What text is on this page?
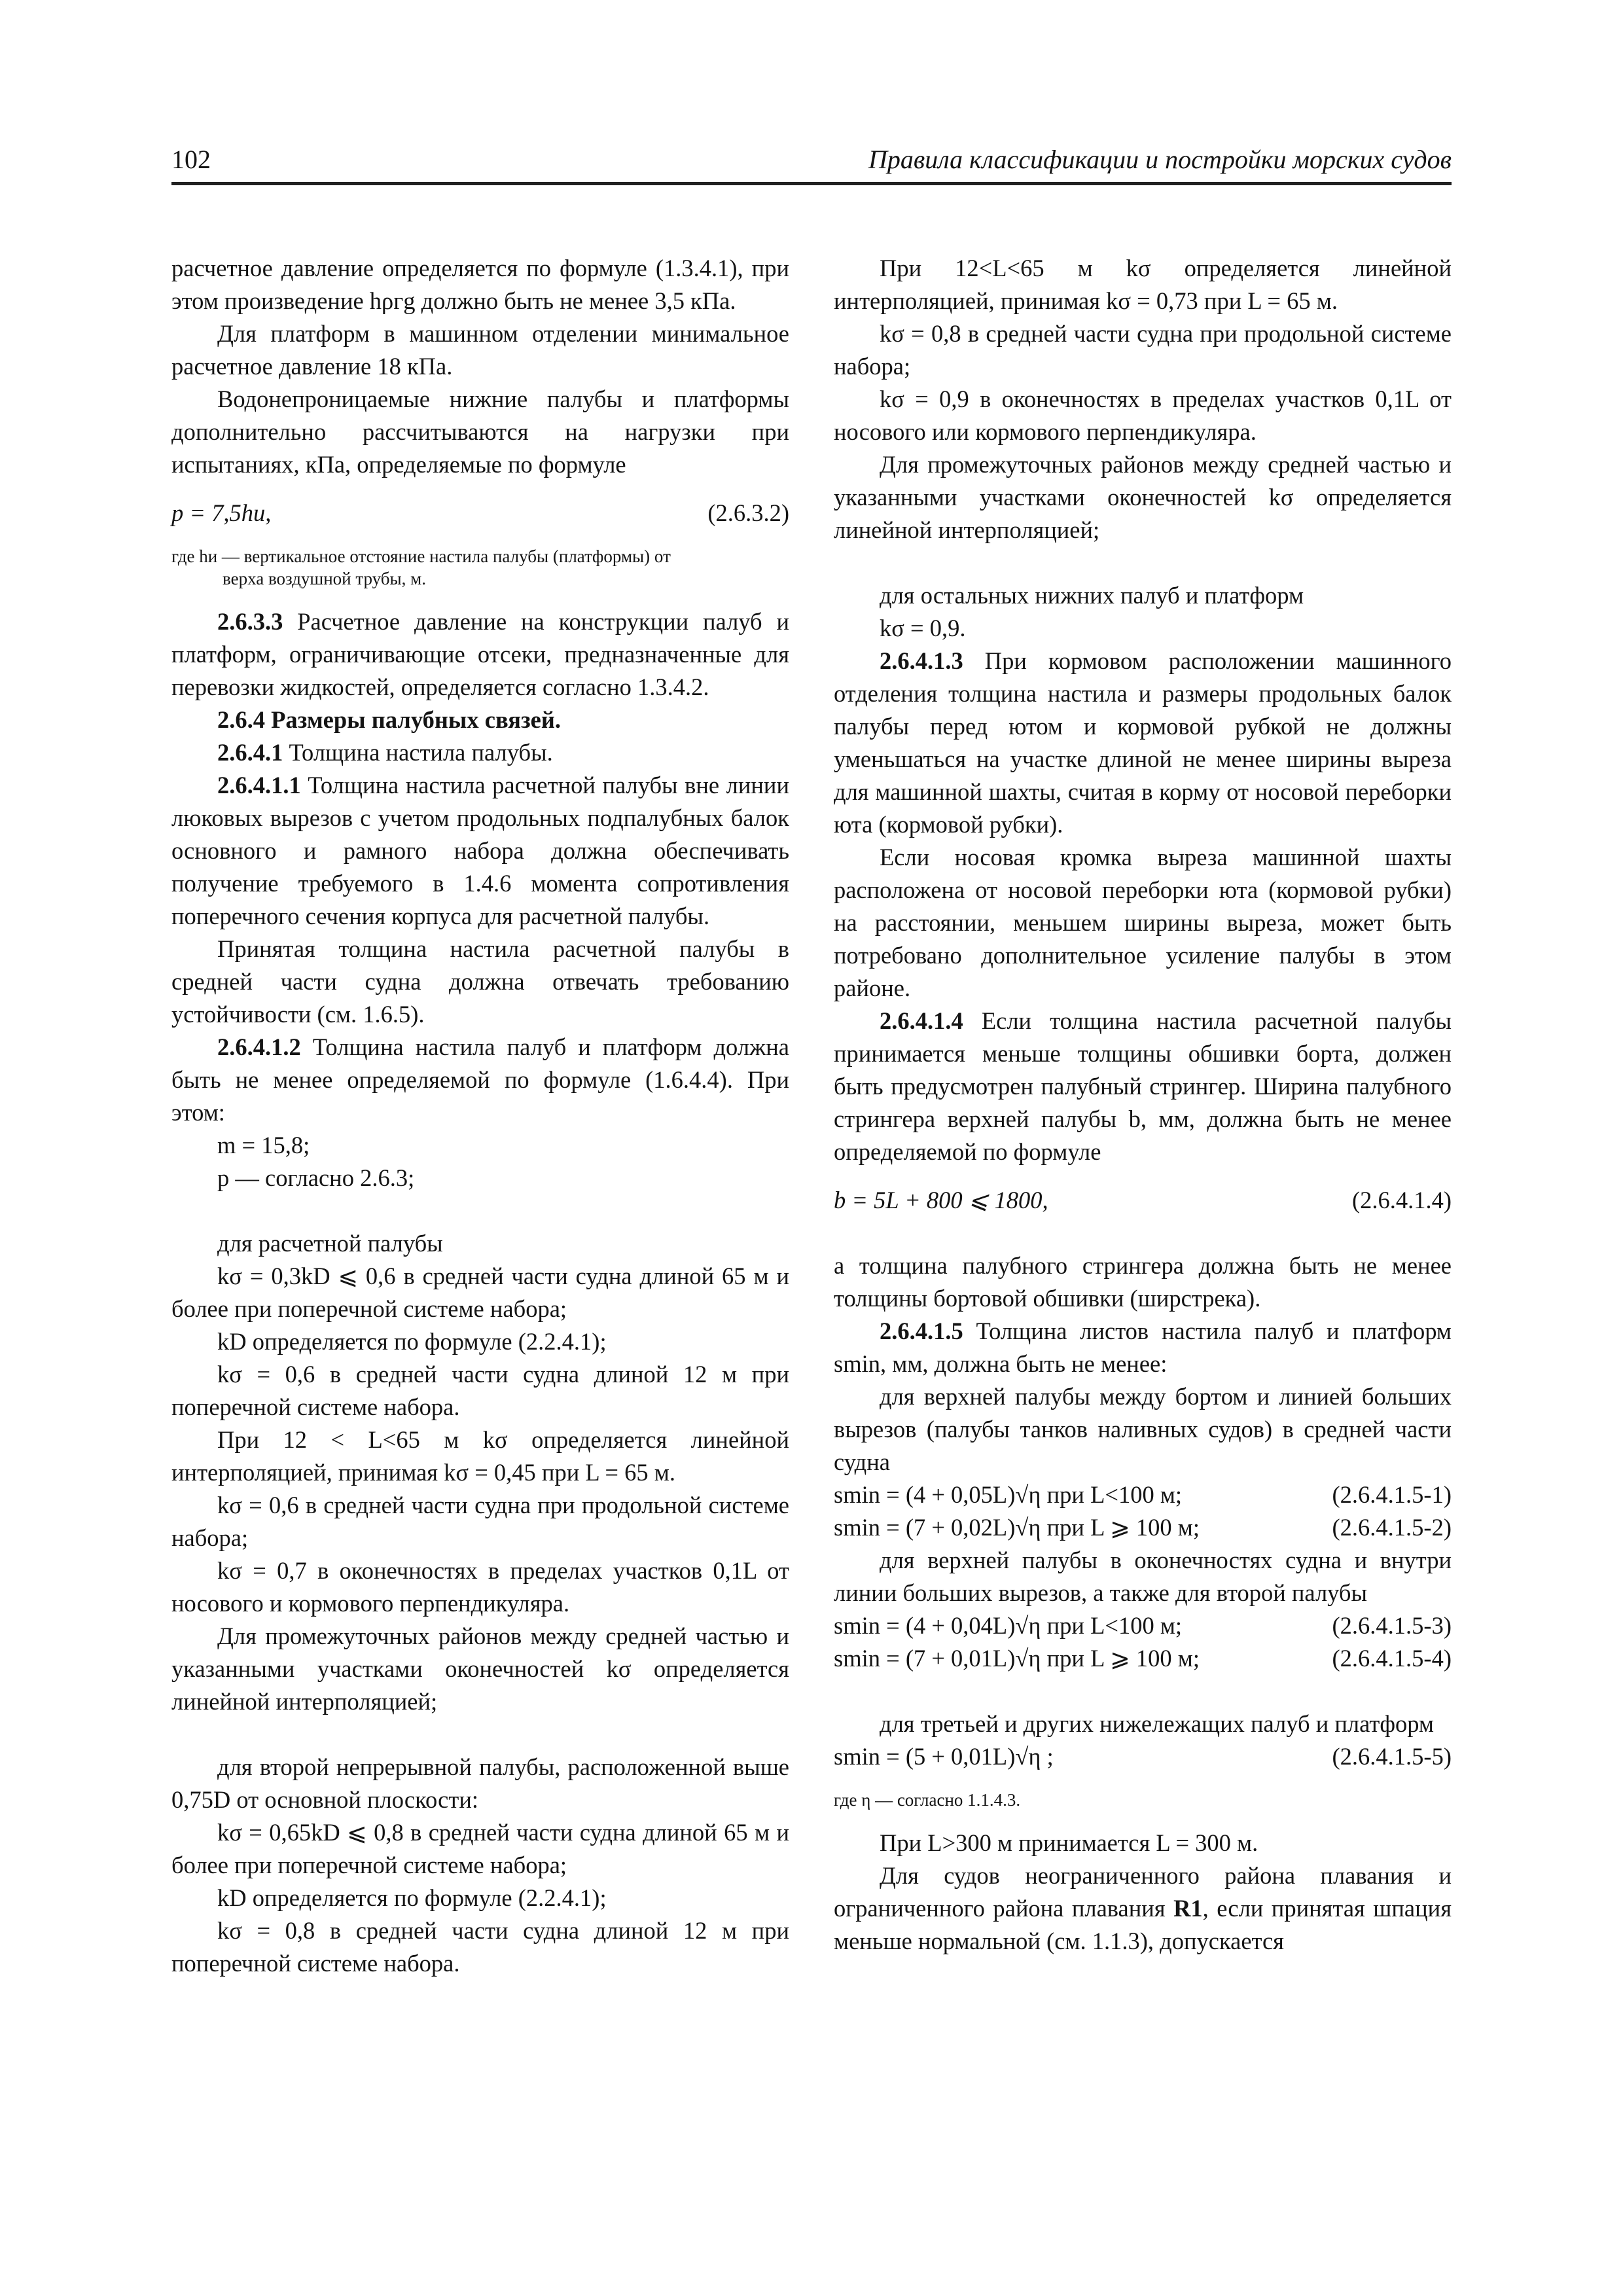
102	Правила классификации и постройки морских судов

расчетное давление определяется по формуле (1.3.4.1), при этом произведение hρгg должно быть не менее 3,5 кПа.

Для платформ в машинном отделении минимальное расчетное давление 18 кПа.

Водонепроницаемые нижние палубы и платформы дополнительно рассчитываются на нагрузки при испытаниях, кПа, определяемые по формуле

p = 7,5hи,	(2.6.3.2)
где hи — вертикальное отстояние настила палубы (платформы) от
верха воздушной трубы, м.

2.6.3.3 Расчетное давление на конструкции палуб и платформ, ограничивающие отсеки, предназначенные для перевозки жидкостей, определяется согласно 1.3.4.2.

2.6.4 Размеры палубных связей.

2.6.4.1 Толщина настила палубы.

2.6.4.1.1 Толщина настила расчетной палубы вне линии люковых вырезов с учетом продольных подпалубных балок основного и рамного набора должна обеспечивать получение требуемого в 1.4.6 момента сопротивления поперечного сечения корпуса для расчетной палубы.

Принятая толщина настила расчетной палубы в средней части судна должна отвечать требованию устойчивости (см. 1.6.5).

2.6.4.1.2 Толщина настила палуб и платформ должна быть не менее определяемой по формуле (1.6.4.4). При этом:

m = 15,8;

p — согласно 2.6.3;

для расчетной палубы

kσ = 0,3kD ⩽ 0,6 в средней части судна длиной 65 м и более при поперечной системе набора;

kD определяется по формуле (2.2.4.1);

kσ = 0,6 в средней части судна длиной 12 м при поперечной системе набора.

При 12 < L<65 м kσ определяется линейной интерполяцией, принимая kσ = 0,45 при L = 65 м.

kσ = 0,6 в средней части судна при продольной системе набора;

kσ = 0,7 в оконечностях в пределах участков 0,1L от носового и кормового перпендикуляра.

Для промежуточных районов между средней частью и указанными участками оконечностей kσ определяется линейной интерполяцией;

для второй непрерывной палубы, расположенной выше 0,75D от основной плоскости:

kσ = 0,65kD ⩽ 0,8 в средней части судна длиной 65 м и более при поперечной системе набора;

kD определяется по формуле (2.2.4.1);

kσ = 0,8 в средней части судна длиной 12 м при поперечной системе набора.

При 12<L<65 м kσ определяется линейной интерполяцией, принимая kσ = 0,73 при L = 65 м.

kσ = 0,8 в средней части судна при продольной системе набора;

kσ = 0,9 в оконечностях в пределах участков 0,1L от носового или кормового перпендикуляра.

Для промежуточных районов между средней частью и указанными участками оконечностей kσ определяется линейной интерполяцией;

для остальных нижних палуб и платформ

kσ = 0,9.

2.6.4.1.3 При кормовом расположении машинного отделения толщина настила и размеры продольных балок палубы перед ютом и кормовой рубкой не должны уменьшаться на участке длиной не менее ширины выреза для машинной шахты, считая в корму от носовой переборки юта (кормовой рубки).

Если носовая кромка выреза машинной шахты расположена от носовой переборки юта (кормовой рубки) на расстоянии, меньшем ширины выреза, может быть потребовано дополнительное усиление палубы в этом районе.

2.6.4.1.4 Если толщина настила расчетной палубы принимается меньше толщины обшивки борта, должен быть предусмотрен палубный стрингер. Ширина палубного стрингера верхней палубы b, мм, должна быть не менее определяемой по формуле

b = 5L + 800 ⩽ 1800,	(2.6.4.1.4)

а толщина палубного стрингера должна быть не менее толщины бортовой обшивки (ширстрека).

2.6.4.1.5 Толщина листов настила палуб и платформ smin, мм, должна быть не менее:

для верхней палубы между бортом и линией больших вырезов (палубы танков наливных судов) в средней части судна

smin = (4 + 0,05L)√η при L<100 м;	(2.6.4.1.5-1)
smin = (7 + 0,02L)√η при L ⩾ 100 м;	(2.6.4.1.5-2)

для верхней палубы в оконечностях судна и внутри линии больших вырезов, а также для второй палубы

smin = (4 + 0,04L)√η при L<100 м;	(2.6.4.1.5-3)
smin = (7 + 0,01L)√η при L ⩾ 100 м;	(2.6.4.1.5-4)

для третьей и других нижележащих палуб и платформ

smin = (5 + 0,01L)√η ;	(2.6.4.1.5-5)

где η — согласно 1.1.4.3.

При L>300 м принимается L = 300 м.

Для судов неограниченного района плавания и ограниченного района плавания R1, если принятая шпация меньше нормальной (см. 1.1.3), допускается
